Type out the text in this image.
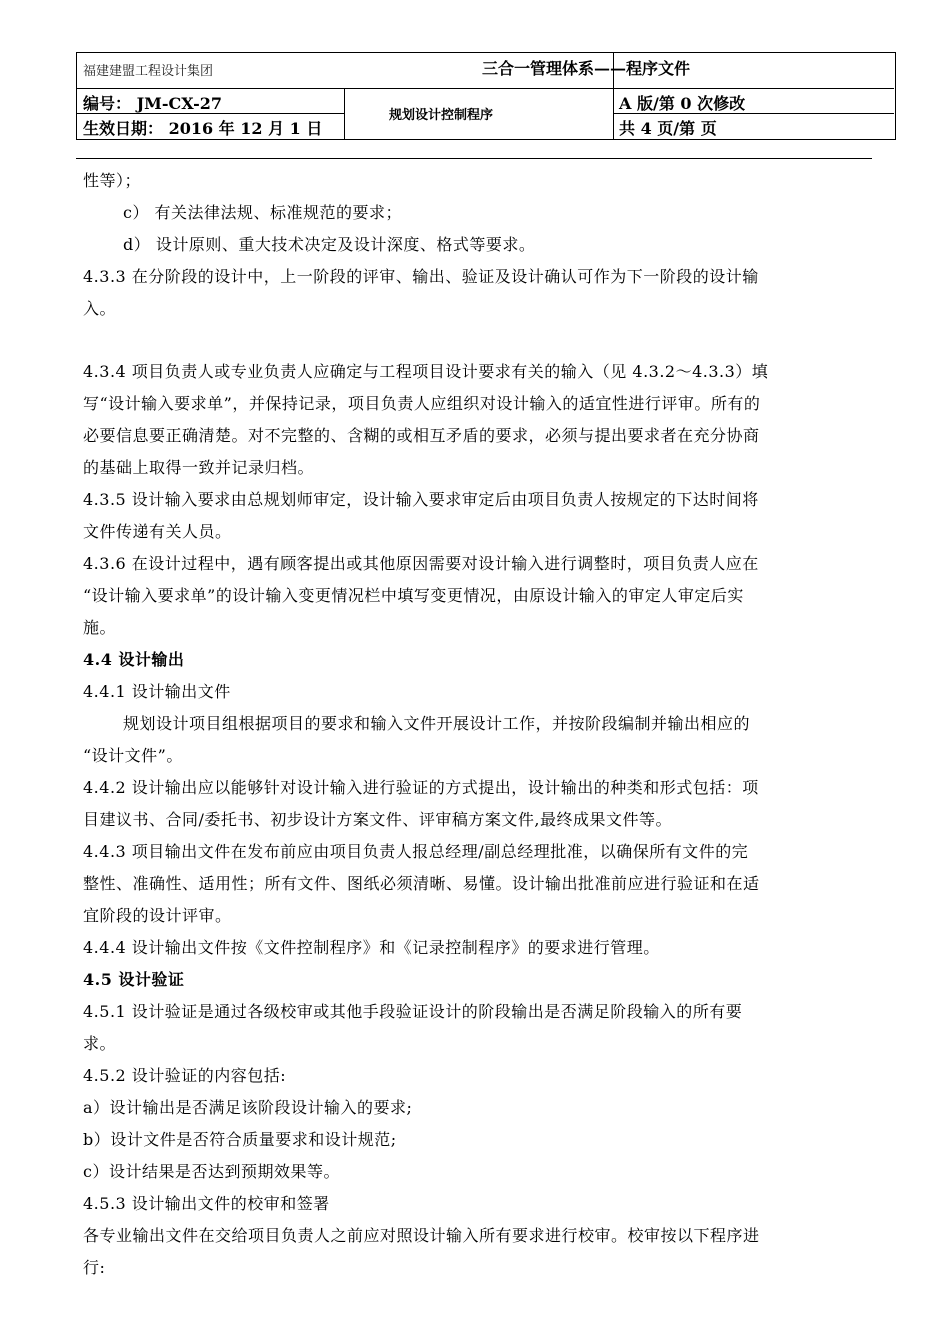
福建建盟工程设计集团	三合一管理体系——程序文件
编号： JM-CX-27
生效日期： 2016 年 12 月 1 日
规划设计控制程序
A 版/第 0 次修改
共 4 页/第 页
性等）；
c） 有关法律法规、标准规范的要求；
d） 设计原则、重大技术决定及设计深度、格式等要求。
4.3.3 在分阶段的设计中，上一阶段的评审、输出、验证及设计确认可作为下一阶段的设计输
入。
4.3.4 项目负责人或专业负责人应确定与工程项目设计要求有关的输入（见 4.3.2～4.3.3）填
写“设计输入要求单”，并保持记录，项目负责人应组织对设计输入的适宜性进行评审。所有的
必要信息要正确清楚。对不完整的、含糊的或相互矛盾的要求，必须与提出要求者在充分协商
的基础上取得一致并记录归档。
4.3.5 设计输入要求由总规划师审定，设计输入要求审定后由项目负责人按规定的下达时间将
文件传递有关人员。
4.3.6 在设计过程中，遇有顾客提出或其他原因需要对设计输入进行调整时，项目负责人应在
“设计输入要求单”的设计输入变更情况栏中填写变更情况，由原设计输入的审定人审定后实
施。
4.4 设计输出
4.4.1 设计输出文件
规划设计项目组根据项目的要求和输入文件开展设计工作，并按阶段编制并输出相应的
“设计文件”。
4.4.2 设计输出应以能够针对设计输入进行验证的方式提出，设计输出的种类和形式包括：项
目建议书、合同/委托书、初步设计方案文件、评审稿方案文件,最终成果文件等。
4.4.3 项目输出文件在发布前应由项目负责人报总经理/副总经理批准，以确保所有文件的完
整性、准确性、适用性；所有文件、图纸必须清晰、易懂。设计输出批准前应进行验证和在适
宜阶段的设计评审。
4.4.4 设计输出文件按《文件控制程序》和《记录控制程序》的要求进行管理。
4.5 设计验证
4.5.1 设计验证是通过各级校审或其他手段验证设计的阶段输出是否满足阶段输入的所有要
求。
4.5.2 设计验证的内容包括:
a）设计输出是否满足该阶段设计输入的要求;
b）设计文件是否符合质量要求和设计规范;
c）设计结果是否达到预期效果等。
4.5.3 设计输出文件的校审和签署
各专业输出文件在交给项目负责人之前应对照设计输入所有要求进行校审。校审按以下程序进
行:
